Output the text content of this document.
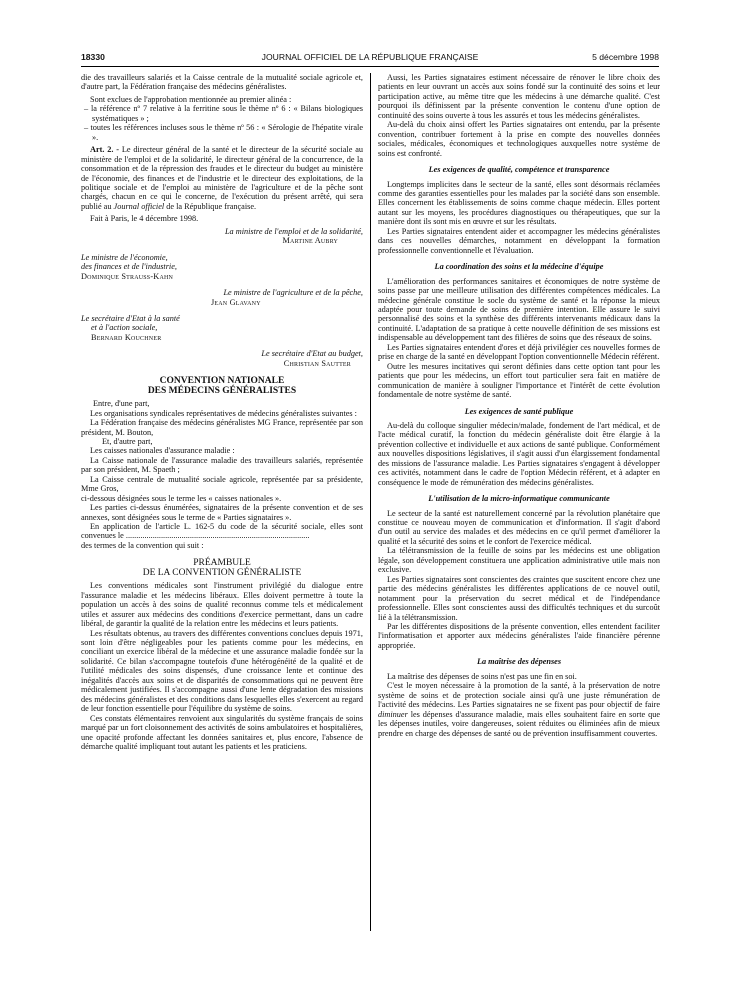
18330	JOURNAL OFFICIEL DE LA RÉPUBLIQUE FRANÇAISE	5 décembre 1998

die des travailleurs salariés et la Caisse centrale de la mutualité sociale agricole et, d'autre part, la Fédération française des médecins généralistes.

Sont exclues de l'approbation mentionnée au premier alinéa :

– la référence nº 7 relative à la ferritine sous le thème nº 6 : « Bilans biologiques systématiques » ;

– toutes les références incluses sous le thème nº 56 : « Sérologie de l'hépatite virale ».

Art. 2. - Le directeur général de la santé et le directeur de la sécurité sociale au ministère de l'emploi et de la solidarité, le directeur général de la concurrence, de la consommation et de la répression des fraudes et le directeur du budget au ministère de l'économie, des finances et de l'industrie et le directeur des exploitations, de la politique sociale et de l'emploi au ministère de l'agriculture et de la pêche sont chargés, chacun en ce qui le concerne, de l'exécution du présent arrêté, qui sera publié au Journal officiel de la République française.

Fait à Paris, le 4 décembre 1998.

La ministre de l'emploi et de la solidarité,

Martine Aubry

Le ministre de l'économie,

des finances et de l'industrie,

Dominique Strauss-Kahn

Le ministre de l'agriculture et de la pêche,

Jean Glavany

Le secrétaire d'Etat à la santé

et à l'action sociale,

Bernard Kouchner

Le secrétaire d'Etat au budget,

Christian Sautter

CONVENTION NATIONALE

DES MÉDECINS GÉNÉRALISTES

Entre, d'une part,

Les organisations syndicales représentatives de médecins généralistes suivantes :

La Fédération française des médecins généralistes MG France, représentée par son président, M. Bouton,

Et, d'autre part,

Les caisses nationales d'assurance maladie :

La Caisse nationale de l'assurance maladie des travailleurs salariés, représentée par son président, M. Spaeth ;

La Caisse centrale de mutualité sociale agricole, représentée par sa présidente, Mme Gros,

ci-dessous désignées sous le terme les « caisses nationales ».

Les parties ci-dessus énumérées, signataires de la présente convention et de ses annexes, sont désignées sous le terme de « Parties signataires ».

En application de l'article L. 162-5 du code de la sécurité sociale, elles sont convenues le .........................................................................................

des termes de la convention qui suit :

PRÉAMBULE

DE LA CONVENTION GÉNÉRALISTE

Les conventions médicales sont l'instrument privilégié du dialogue entre l'assurance maladie et les médecins libéraux. Elles doivent permettre à toute la population un accès à des soins de qualité reconnus comme tels et médicalement utiles et assurer aux médecins des conditions d'exercice permettant, dans un cadre libéral, de garantir la qualité de la relation entre les médecins et leurs patients.

Les résultats obtenus, au travers des différentes conventions conclues depuis 1971, sont loin d'être négligeables pour les patients comme pour les médecins, en conciliant un exercice libéral de la médecine et une assurance maladie fondée sur la solidarité. Ce bilan s'accompagne toutefois d'une hétérogénéité de la qualité et de l'utilité médicales des soins dispensés, d'une croissance lente et continue des inégalités d'accès aux soins et de disparités de consommations qui ne peuvent être médicalement justifiées. Il s'accompagne aussi d'une lente dégradation des missions des médecins généralistes et des conditions dans lesquelles elles s'exercent au regard de leur fonction essentielle pour l'équilibre du système de soins.

Ces constats élémentaires renvoient aux singularités du système français de soins marqué par un fort cloisonnement des activités de soins ambulatoires et hospitalières, une opacité profonde affectant les données sanitaires et, plus encore, l'absence de démarche qualité impliquant tout autant les patients et les praticiens.

Aussi, les Parties signataires estiment nécessaire de rénover le libre choix des patients en leur ouvrant un accès aux soins fondé sur la continuité des soins et leur participation active, au même titre que les médecins à une démarche qualité. C'est pourquoi ils définissent par la présente convention le contenu d'une option de continuité des soins ouverte à tous les assurés et tous les médecins généralistes.

Au-delà du choix ainsi offert les Parties signataires ont entendu, par la présente convention, contribuer fortement à la prise en compte des nouvelles données sociales, médicales, économiques et technologiques auxquelles notre système de soins est confronté.

Les exigences de qualité, compétence et transparence

Longtemps implicites dans le secteur de la santé, elles sont désormais réclamées comme des garanties essentielles pour les malades par la société dans son ensemble. Elles concernent les établissements de soins comme chaque médecin. Elles portent autant sur les moyens, les procédures diagnostiques ou thérapeutiques, que sur la manière dont ils sont mis en œuvre et sur les résultats.

Les Parties signataires entendent aider et accompagner les médecins généralistes dans ces nouvelles démarches, notamment en développant la formation professionnelle conventionnelle et l'évaluation.

La coordination des soins et la médecine d'équipe

L'amélioration des performances sanitaires et économiques de notre système de soins passe par une meilleure utilisation des différentes compétences médicales. La médecine générale constitue le socle du système de santé et la réponse la mieux adaptée pour toute demande de soins de première intention. Elle assure le suivi personnalisé des soins et la synthèse des différents intervenants médicaux dans la continuité. L'adaptation de sa pratique à cette nouvelle définition de ses missions est indispensable au développement tant des filières de soins que des réseaux de soins.

Les Parties signataires entendent d'ores et déjà privilégier ces nouvelles formes de prise en charge de la santé en développant l'option conventionnelle Médecin référent.

Outre les mesures incitatives qui seront définies dans cette option tant pour les patients que pour les médecins, un effort tout particulier sera fait en matière de communication de manière à souligner l'importance et l'intérêt de cette évolution fondamentale de notre système de santé.

Les exigences de santé publique

Au-delà du colloque singulier médecin/malade, fondement de l'art médical, et de l'acte médical curatif, la fonction du médecin généraliste doit être élargie à la prévention collective et individuelle et aux actions de santé publique. Conformément aux nouvelles dispositions législatives, il s'agit aussi d'un élargissement fondamental des missions de l'assurance maladie. Les Parties signataires s'engagent à développer ces activités, notamment dans le cadre de l'option Médecin référent, et à adapter en conséquence le mode de rémunération des médecins généralistes.

L'utilisation de la micro-informatique communicante

Le secteur de la santé est naturellement concerné par la révolution planétaire que constitue ce nouveau moyen de communication et d'information. Il s'agit d'abord d'un outil au service des malades et des médecins en ce qu'il permet d'améliorer la qualité et la sécurité des soins et le confort de l'exercice médical.

La télétransmission de la feuille de soins par les médecins est une obligation légale, son développement constituera une application administrative utile mais non exclusive.

Les Parties signataires sont conscientes des craintes que suscitent encore chez une partie des médecins généralistes les différentes applications de ce nouvel outil, notamment pour la préservation du secret médical et de l'indépendance professionnelle. Elles sont conscientes aussi des difficultés techniques et du surcoût lié à la télétransmission.

Par les différentes dispositions de la présente convention, elles entendent faciliter l'informatisation et apporter aux médecins généralistes l'aide financière pérenne appropriée.

La maîtrise des dépenses

La maîtrise des dépenses de soins n'est pas une fin en soi.

C'est le moyen nécessaire à la promotion de la santé, à la préservation de notre système de soins et de protection sociale ainsi qu'à une juste rémunération de l'activité des médecins. Les Parties signataires ne se fixent pas pour objectif de faire diminuer les dépenses d'assurance maladie, mais elles souhaitent faire en sorte que les dépenses inutiles, voire dangereuses, soient réduites ou éliminées afin de mieux prendre en charge des dépenses de santé ou de prévention insuffisamment couvertes.
